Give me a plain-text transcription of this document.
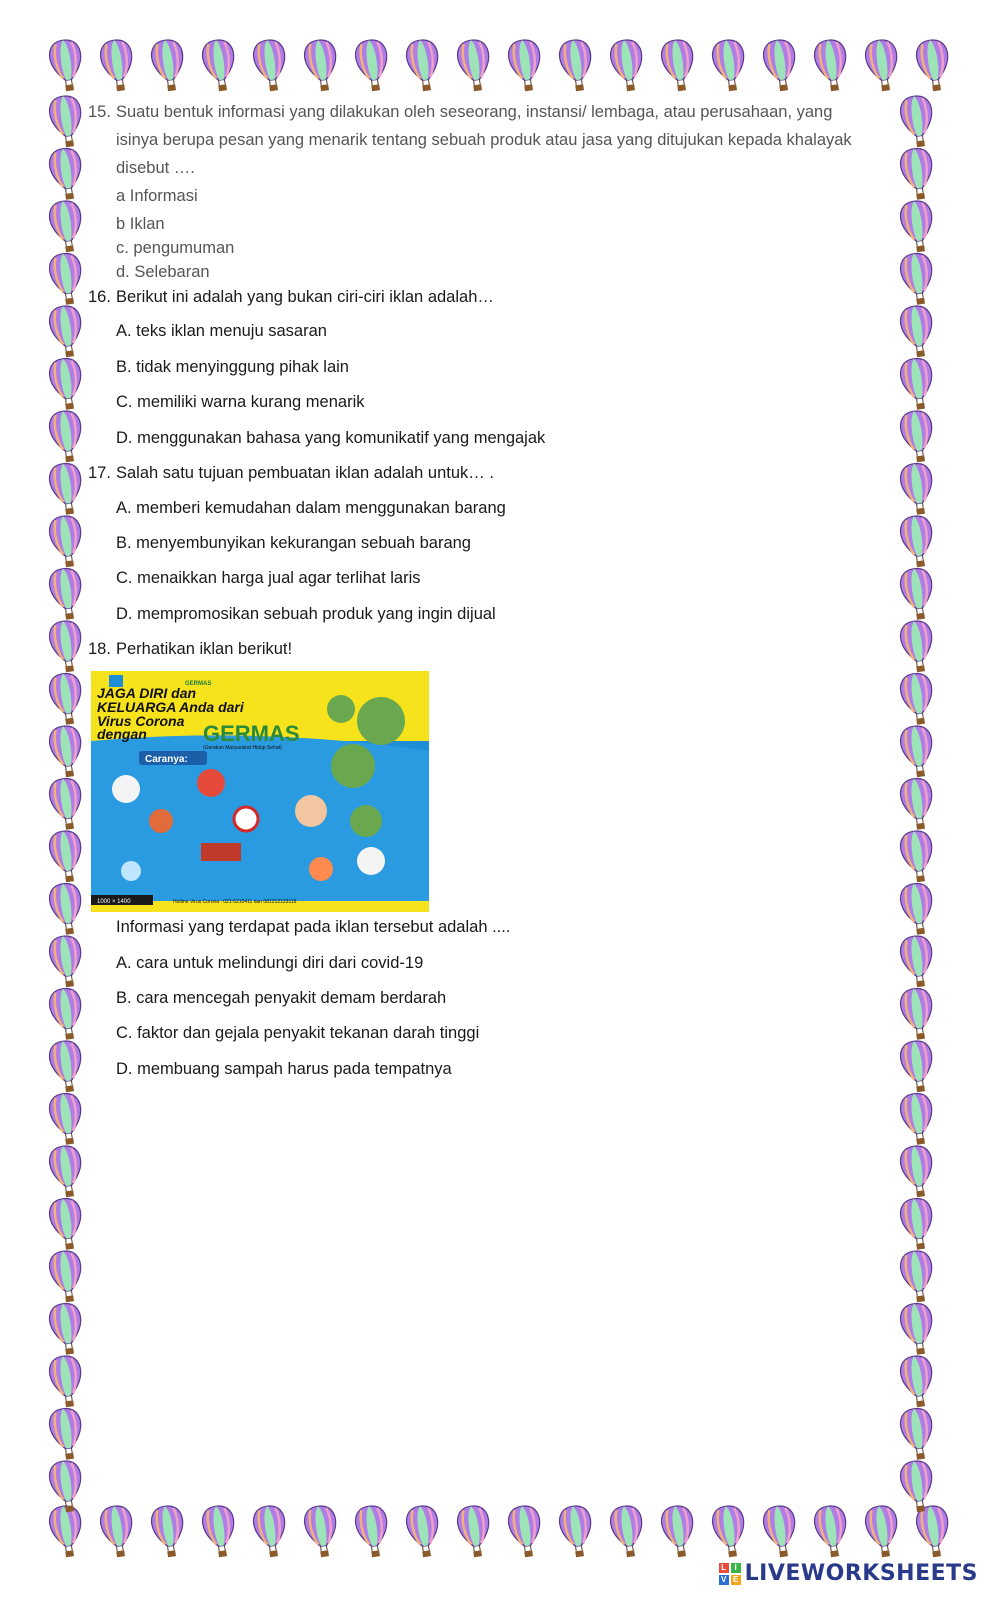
15. Suatu bentuk informasi yang dilakukan oleh seseorang, instansi/ lembaga, atau perusahaan, yang
isinya berupa pesan yang menarik tentang sebuah produk atau jasa yang ditujukan kepada khalayak
disebut ….
a Informasi
b Iklan
c. pengumuman
d. Selebaran
16. Berikut ini adalah yang bukan ciri-ciri iklan adalah…
A. teks iklan menuju sasaran
B. tidak menyinggung pihak lain
C. memiliki warna kurang menarik
D. menggunakan bahasa yang komunikatif yang mengajak
17. Salah satu tujuan pembuatan iklan adalah untuk… .
A. memberi kemudahan dalam menggunakan barang
B. menyembunyikan kekurangan sebuah barang
C. menaikkan harga jual agar terlihat laris
D. mempromosikan sebuah produk yang ingin dijual
18. Perhatikan iklan berikut!
GERMAS
JAGA DIRI dan
KELUARGA Anda dari
Virus Corona
dengan	GERMAS
(Gerakan Masyarakat Hidup Sehat)
Caranya:
1000 × 1400	Hotline Virus Corona : 021-5210411 dan 081212123119
Informasi yang terdapat pada iklan tersebut adalah ....
A. cara untuk melindungi diri dari covid-19
B. cara mencegah penyakit demam berdarah
C. faktor dan gejala penyakit tekanan darah tinggi
D. membuang sampah harus pada tempatnya
L	I
V E LIVEWORKSHEETS
